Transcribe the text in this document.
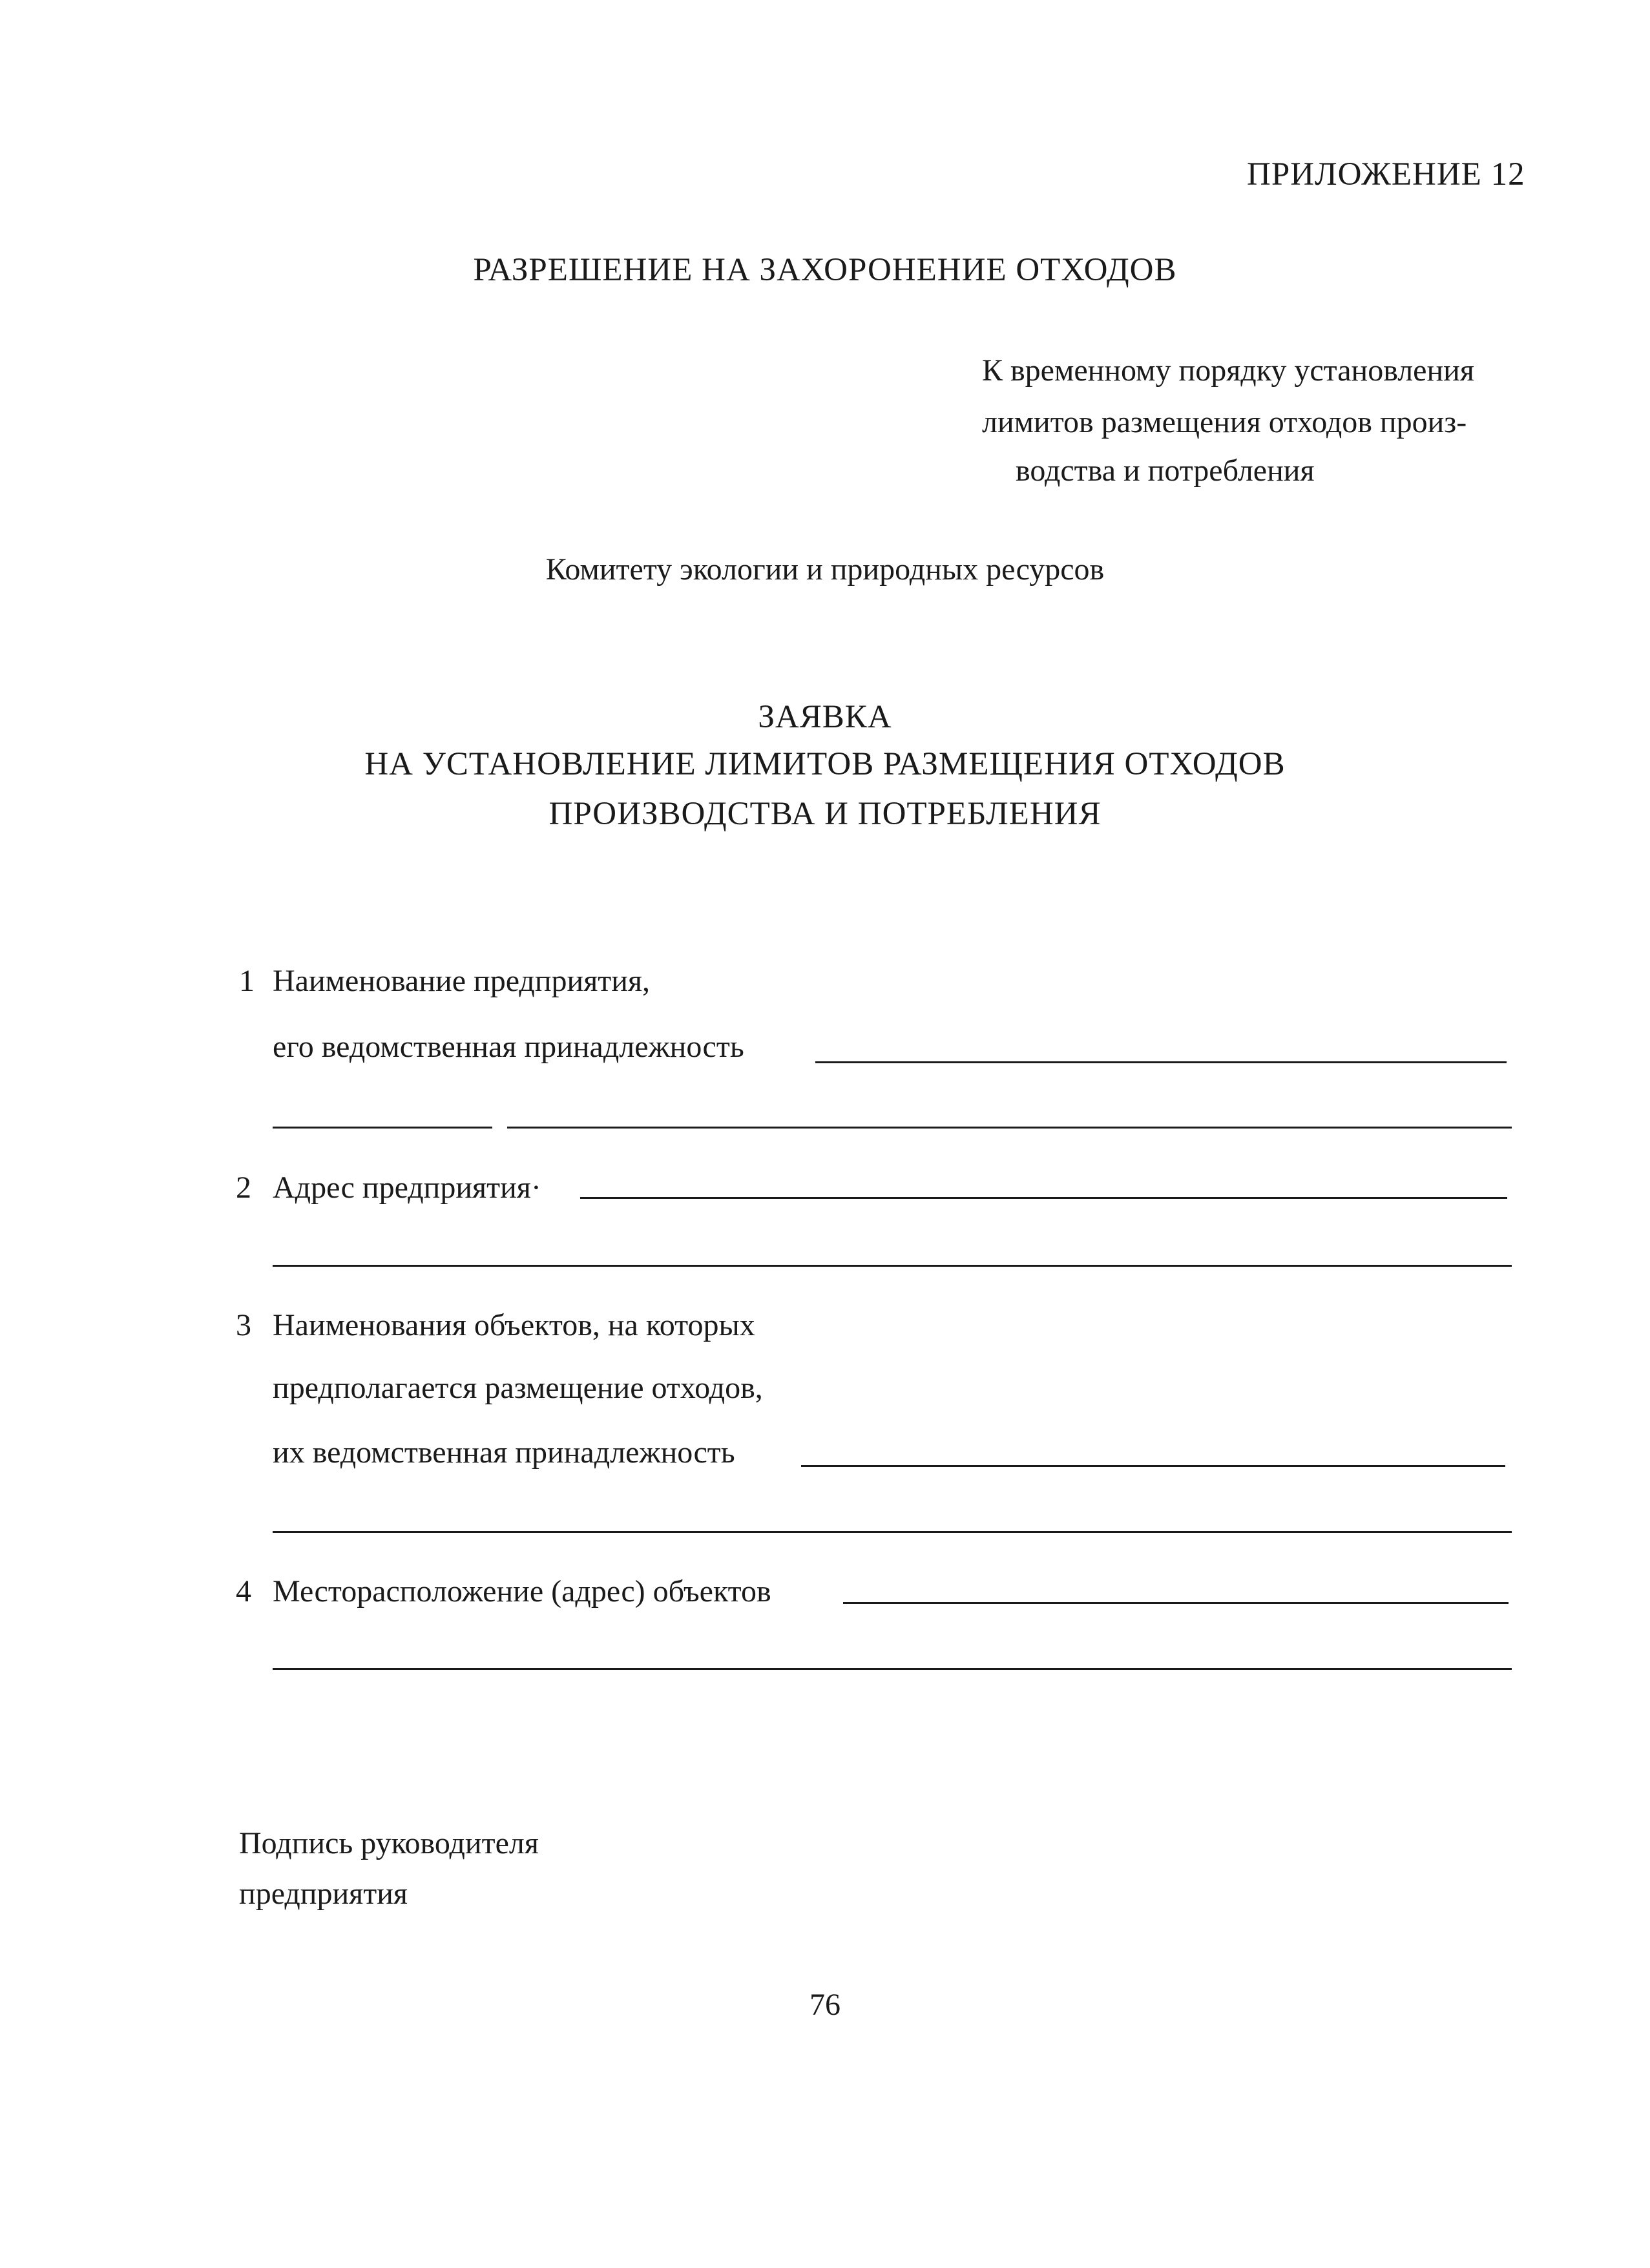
ПРИЛОЖЕНИЕ 12
РАЗРЕШЕНИЕ НА ЗАХОРОНЕНИЕ ОТХОДОВ
К временному порядку установления
лимитов размещения отходов произ-
водства и потребления
Комитету экологии и природных ресурсов
ЗАЯВКА
НА УСТАНОВЛЕНИЕ ЛИМИТОВ РАЗМЕЩЕНИЯ ОТХОДОВ
ПРОИЗВОДСТВА И ПОТРЕБЛЕНИЯ
1 Наименование предприятия,
его ведомственная принадлежность
2 Адрес предприятия·
3 Наименования объектов, на которых
предполагается размещение отходов,
их ведомственная принадлежность
4 Месторасположение (адрес) объектов
Подпись руководителя
предприятия
76
